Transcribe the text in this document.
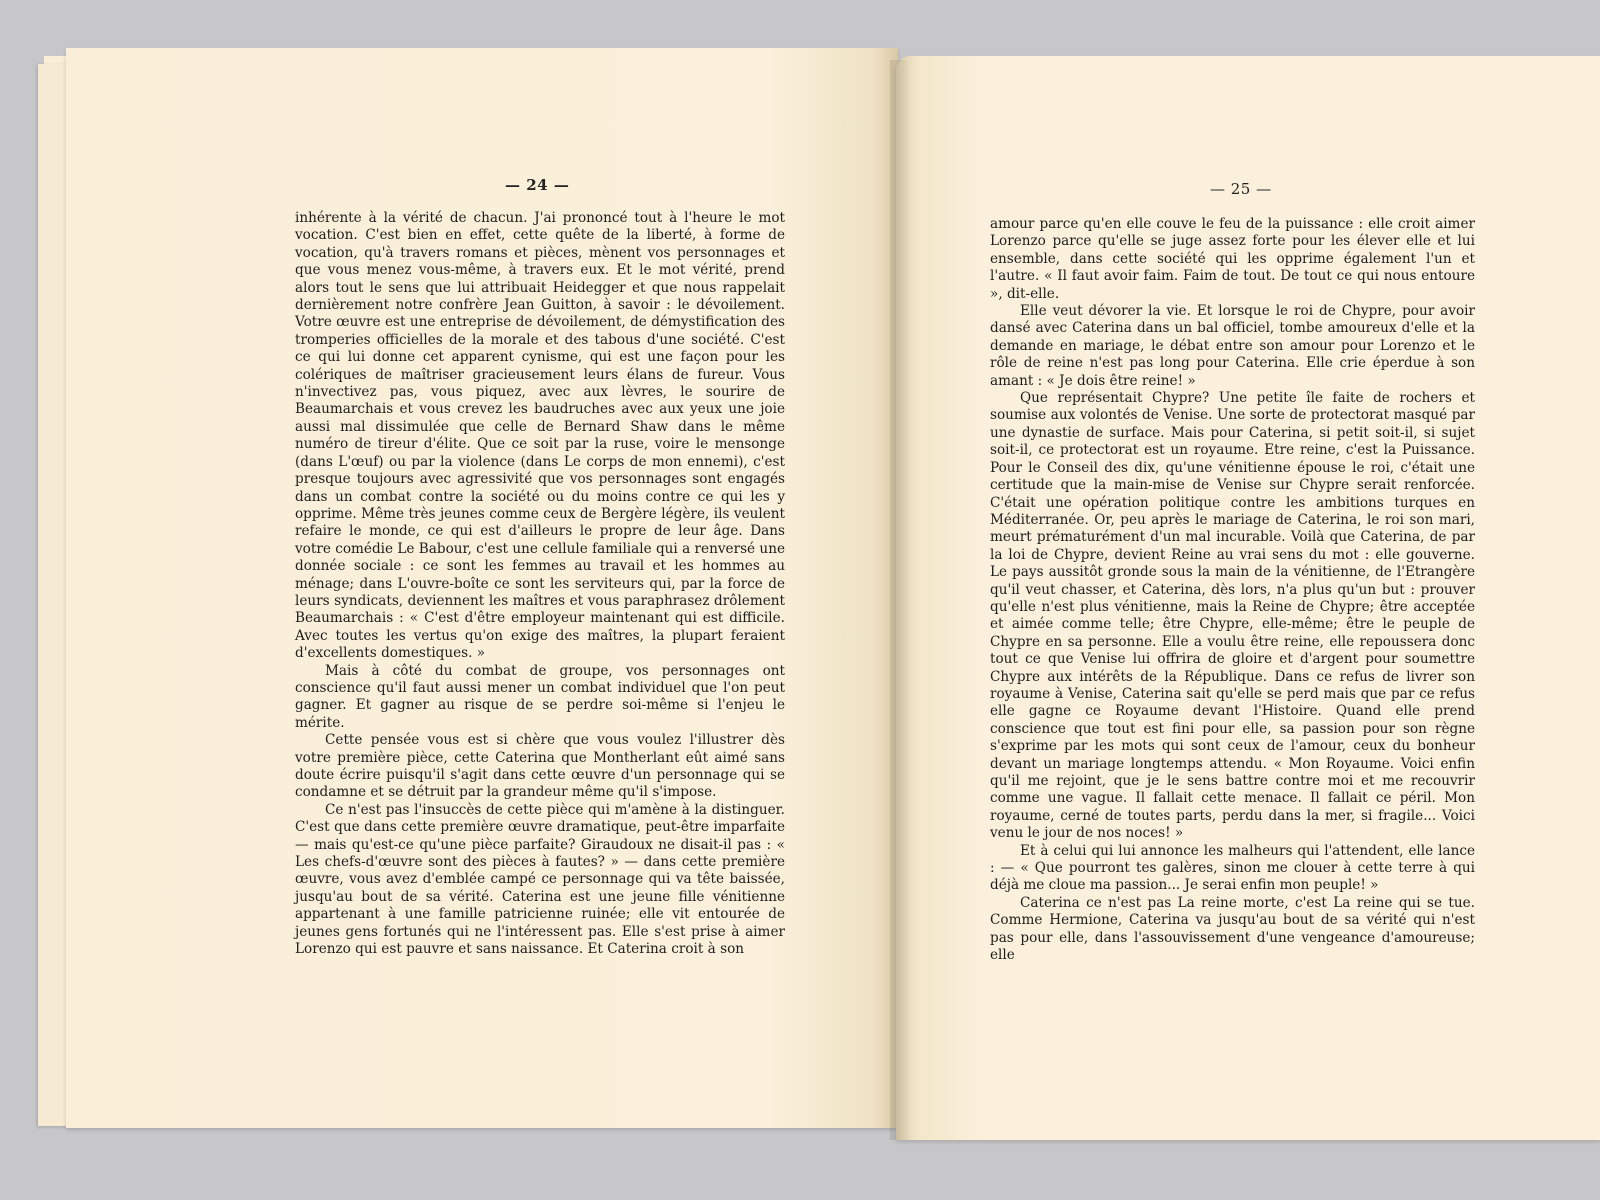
— 24 —	— 25 —

inhérente à la vérité de chacun. J'ai prononcé tout à l'heure le mot vocation. C'est bien en effet, cette quête de la liberté, à forme de vocation, qu'à travers romans et pièces, mènent vos personnages et que vous menez vous-même, à travers eux. Et le mot vérité, prend alors tout le sens que lui attribuait Heidegger et que nous rappelait dernièrement notre confrère Jean Guitton, à savoir : le dévoilement. Votre œuvre est une entreprise de dévoilement, de démystification des tromperies officielles de la morale et des tabous d'une société. C'est ce qui lui donne cet apparent cynisme, qui est une façon pour les colériques de maîtriser gracieusement leurs élans de fureur. Vous n'invectivez pas, vous piquez, avec aux lèvres, le sourire de Beaumarchais et vous crevez les baudruches avec aux yeux une joie aussi mal dissimulée que celle de Bernard Shaw dans le même numéro de tireur d'élite. Que ce soit par la ruse, voire le mensonge (dans L'œuf) ou par la violence (dans Le corps de mon ennemi), c'est presque toujours avec agressivité que vos personnages sont engagés dans un combat contre la société ou du moins contre ce qui les y opprime. Même très jeunes comme ceux de Bergère légère, ils veulent refaire le monde, ce qui est d'ailleurs le propre de leur âge. Dans votre comédie Le Babour, c'est une cellule familiale qui a renversé une donnée sociale : ce sont les femmes au travail et les hommes au ménage; dans L'ouvre-boîte ce sont les serviteurs qui, par la force de leurs syndicats, deviennent les maîtres et vous paraphrasez drôlement Beaumarchais : « C'est d'être employeur maintenant qui est difficile. Avec toutes les vertus qu'on exige des maîtres, la plupart feraient d'excellents domestiques. »

Mais à côté du combat de groupe, vos personnages ont conscience qu'il faut aussi mener un combat individuel que l'on peut gagner. Et gagner au risque de se perdre soi-même si l'enjeu le mérite.

Cette pensée vous est si chère que vous voulez l'illustrer dès votre première pièce, cette Caterina que Montherlant eût aimé sans doute écrire puisqu'il s'agit dans cette œuvre d'un personnage qui se condamne et se détruit par la grandeur même qu'il s'impose.

Ce n'est pas l'insuccès de cette pièce qui m'amène à la distinguer. C'est que dans cette première œuvre dramatique, peut-être imparfaite — mais qu'est-ce qu'une pièce parfaite? Giraudoux ne disait-il pas : « Les chefs-d'œuvre sont des pièces à fautes? » — dans cette première œuvre, vous avez d'emblée campé ce personnage qui va tête baissée, jusqu'au bout de sa vérité. Caterina est une jeune fille vénitienne appartenant à une famille patricienne ruinée; elle vit entourée de jeunes gens fortunés qui ne l'intéressent pas. Elle s'est prise à aimer Lorenzo qui est pauvre et sans naissance. Et Caterina croit à son

amour parce qu'en elle couve le feu de la puissance : elle croit aimer Lorenzo parce qu'elle se juge assez forte pour les élever elle et lui ensemble, dans cette société qui les opprime également l'un et l'autre. « Il faut avoir faim. Faim de tout. De tout ce qui nous entoure », dit-elle.

Elle veut dévorer la vie. Et lorsque le roi de Chypre, pour avoir dansé avec Caterina dans un bal officiel, tombe amoureux d'elle et la demande en mariage, le débat entre son amour pour Lorenzo et le rôle de reine n'est pas long pour Caterina. Elle crie éperdue à son amant : « Je dois être reine! »

Que représentait Chypre? Une petite île faite de rochers et soumise aux volontés de Venise. Une sorte de protectorat masqué par une dynastie de surface. Mais pour Caterina, si petit soit-il, si sujet soit-il, ce protectorat est un royaume. Etre reine, c'est la Puissance. Pour le Conseil des dix, qu'une vénitienne épouse le roi, c'était une certitude que la main-mise de Venise sur Chypre serait renforcée. C'était une opération politique contre les ambitions turques en Méditerranée. Or, peu après le mariage de Caterina, le roi son mari, meurt prématurément d'un mal incurable. Voilà que Caterina, de par la loi de Chypre, devient Reine au vrai sens du mot : elle gouverne. Le pays aussitôt gronde sous la main de la vénitienne, de l'Etrangère qu'il veut chasser, et Caterina, dès lors, n'a plus qu'un but : prouver qu'elle n'est plus vénitienne, mais la Reine de Chypre; être acceptée et aimée comme telle; être Chypre, elle-même; être le peuple de Chypre en sa personne. Elle a voulu être reine, elle repoussera donc tout ce que Venise lui offrira de gloire et d'argent pour soumettre Chypre aux intérêts de la République. Dans ce refus de livrer son royaume à Venise, Caterina sait qu'elle se perd mais que par ce refus elle gagne ce Royaume devant l'Histoire. Quand elle prend conscience que tout est fini pour elle, sa passion pour son règne s'exprime par les mots qui sont ceux de l'amour, ceux du bonheur devant un mariage longtemps attendu. « Mon Royaume. Voici enfin qu'il me rejoint, que je le sens battre contre moi et me recouvrir comme une vague. Il fallait cette menace. Il fallait ce péril. Mon royaume, cerné de toutes parts, perdu dans la mer, si fragile... Voici venu le jour de nos noces! »

Et à celui qui lui annonce les malheurs qui l'attendent, elle lance : — « Que pourront tes galères, sinon me clouer à cette terre à qui déjà me cloue ma passion... Je serai enfin mon peuple! »

Caterina ce n'est pas La reine morte, c'est La reine qui se tue. Comme Hermione, Caterina va jusqu'au bout de sa vérité qui n'est pas pour elle, dans l'assouvissement d'une vengeance d'amoureuse; elle
